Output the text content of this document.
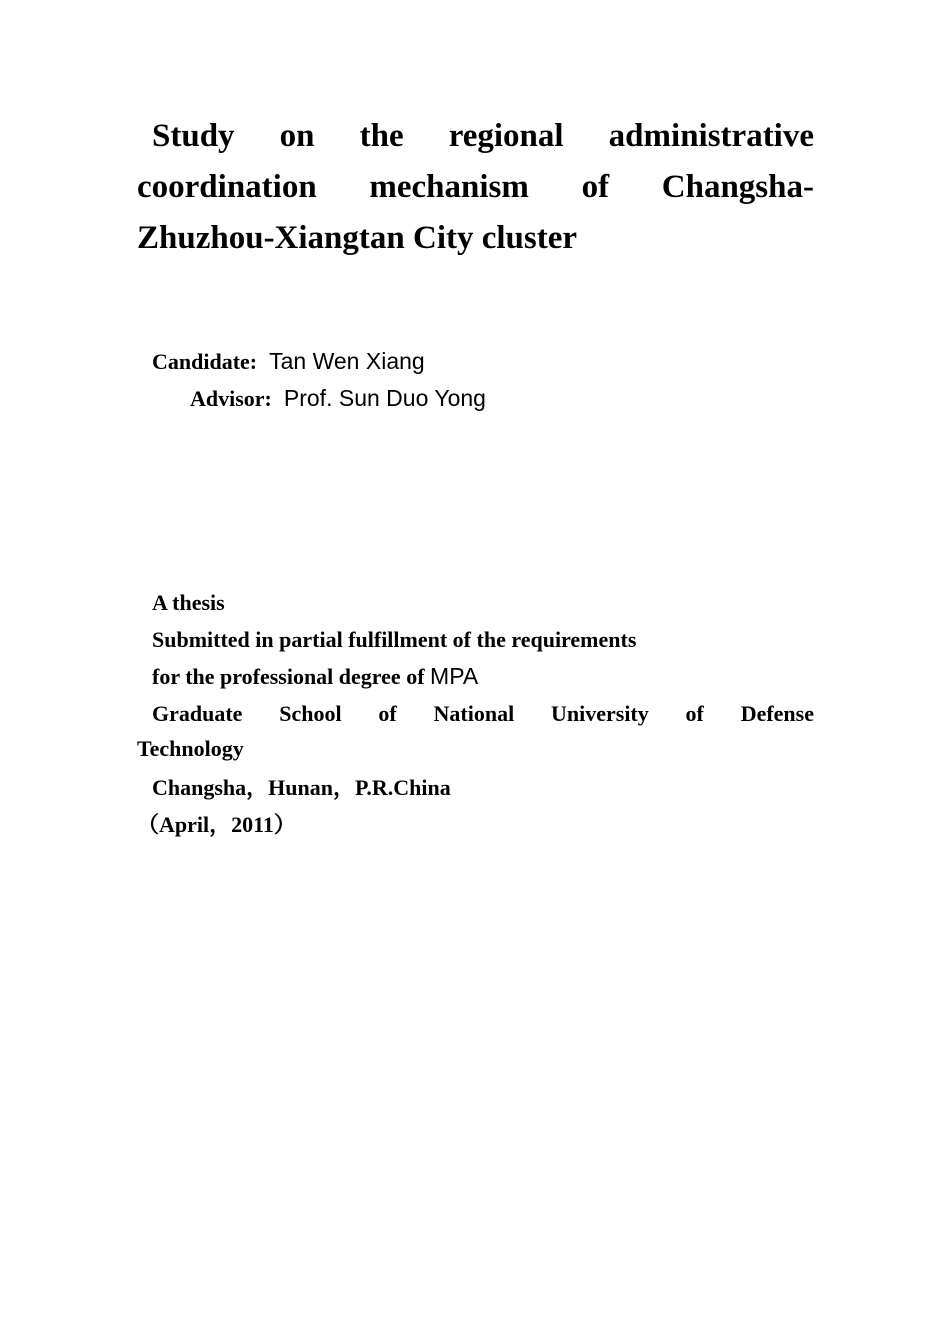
Study on the regional administrative coordination mechanism of Changsha-Zhuzhou-Xiangtan City cluster
Candidate: Tan Wen Xiang
Advisor: Prof. Sun Duo Yong
A thesis
Submitted in partial fulfillment of the requirements
for the professional degree of MPA
Graduate School of National University of Defense
Technology
Changsha，Hunan，P.R.China
（April，2011）
